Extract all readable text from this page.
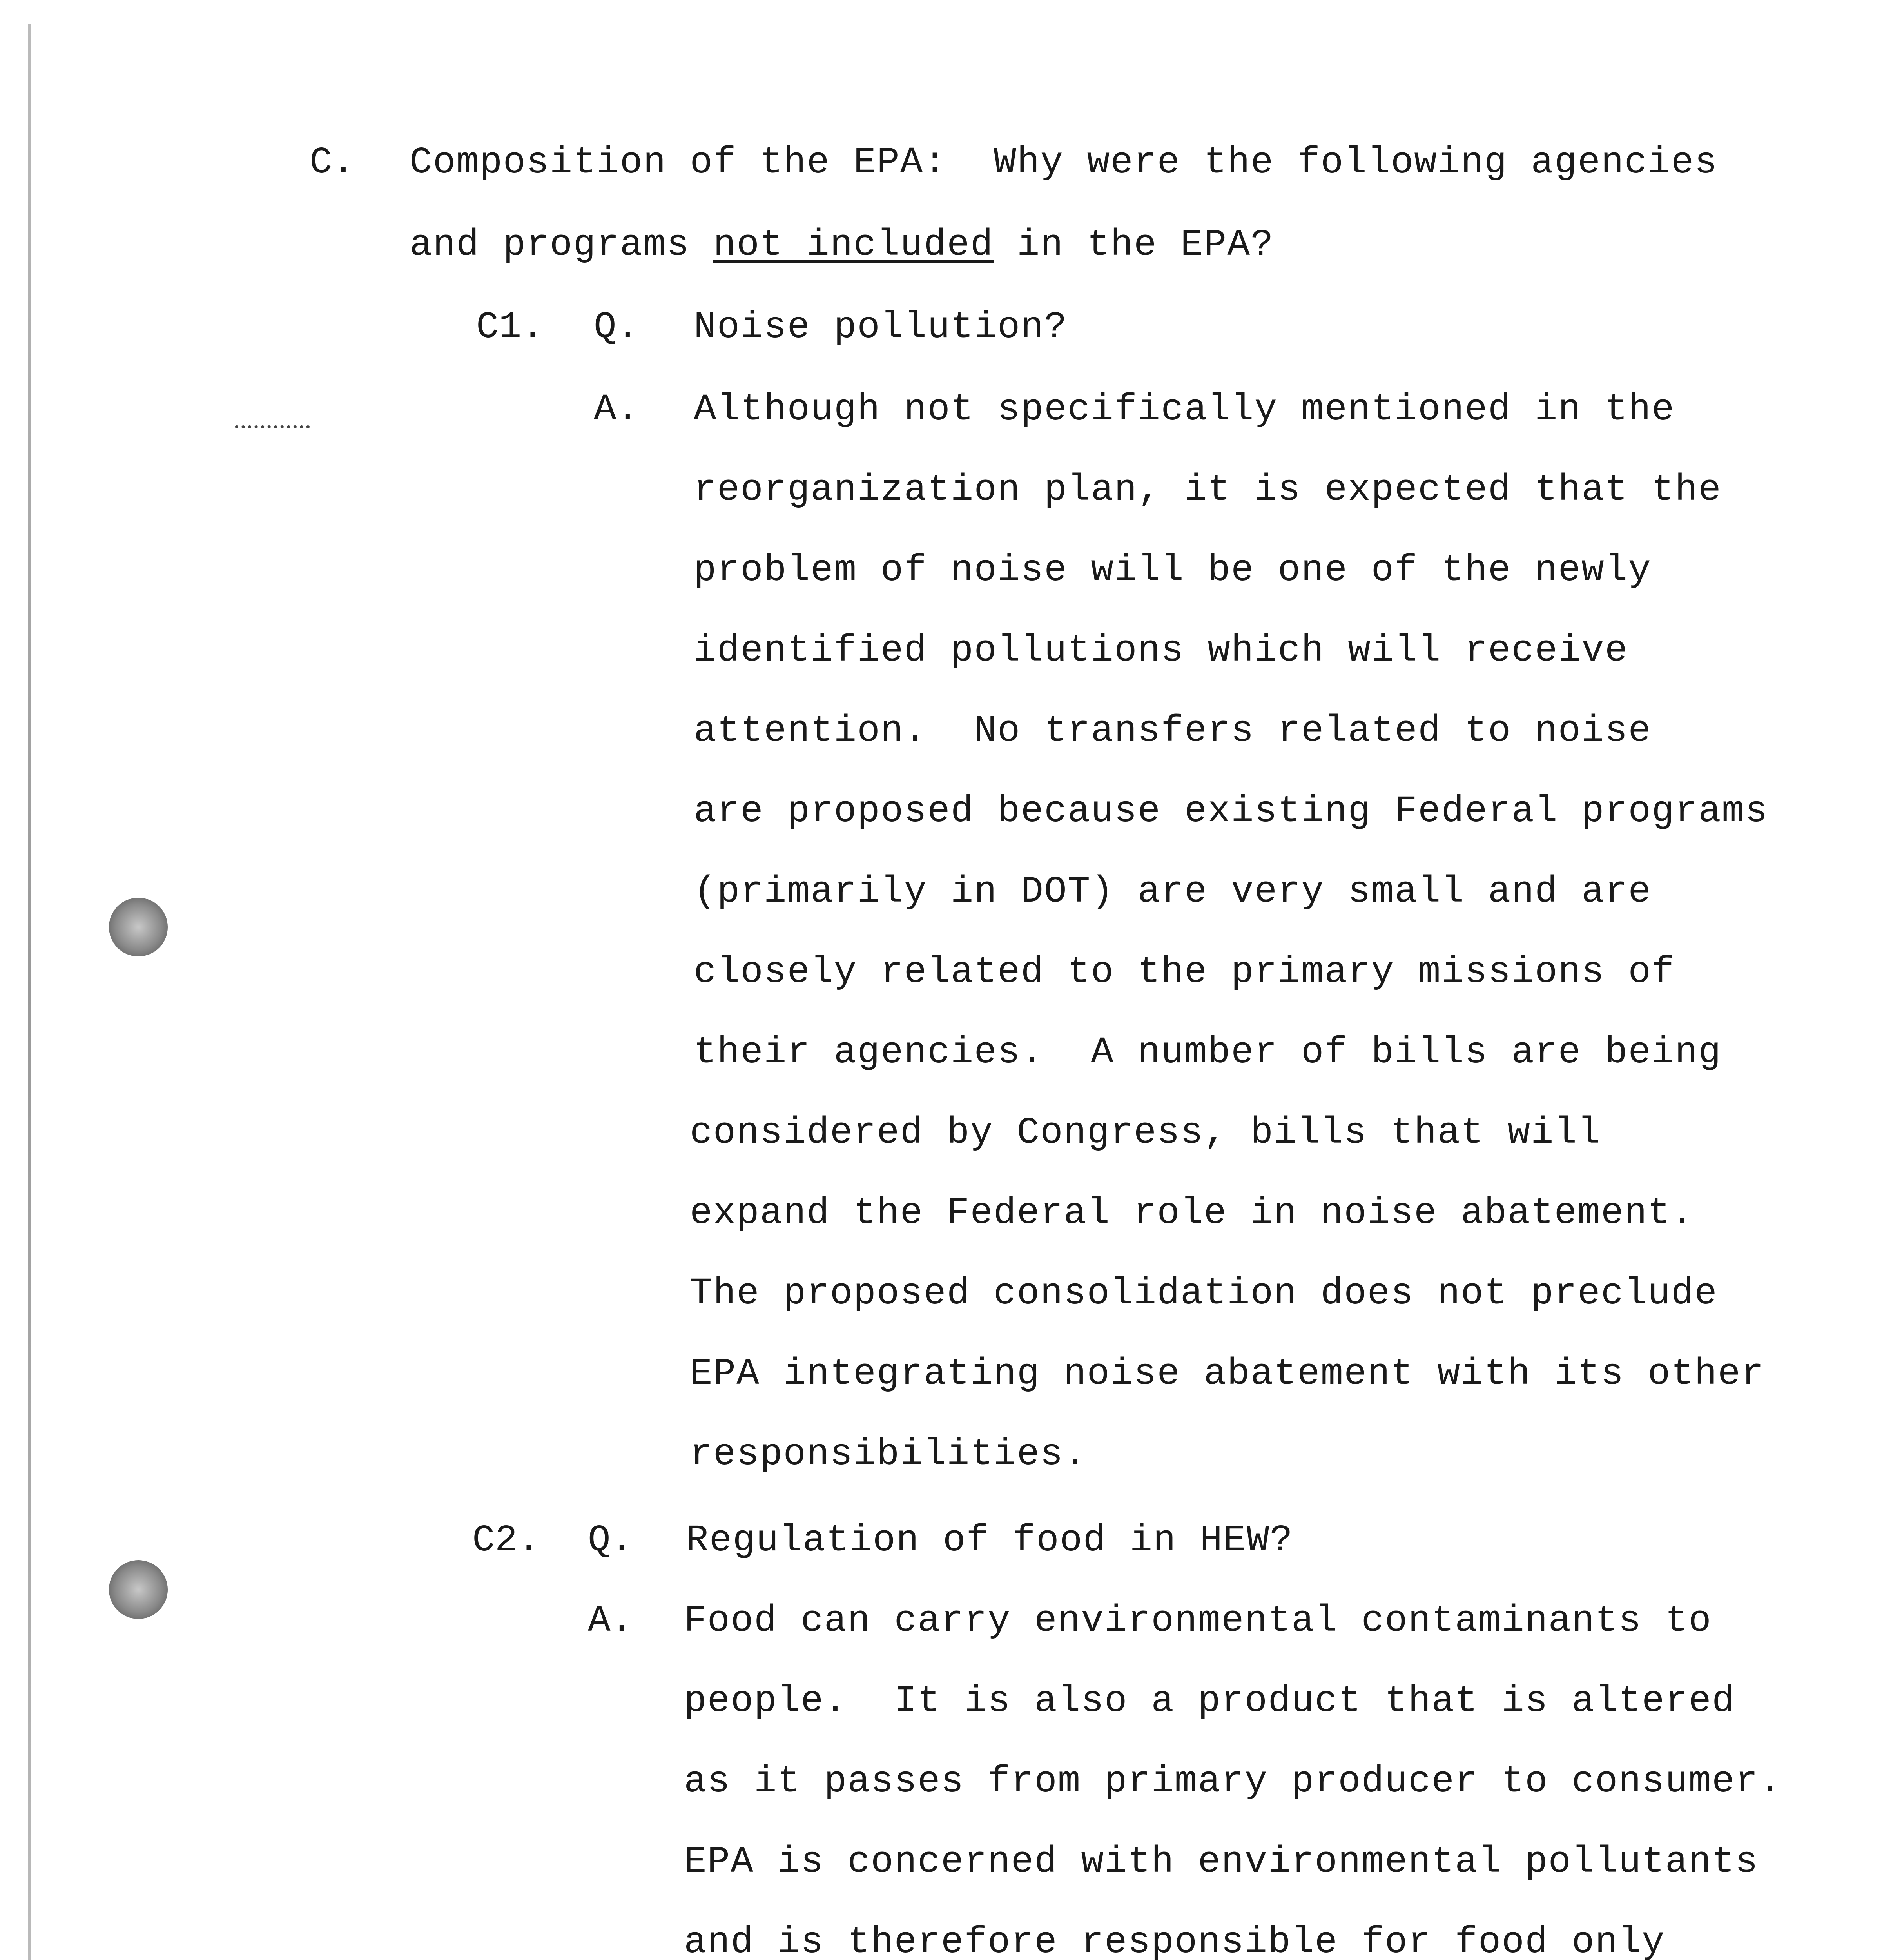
C. Composition of the EPA:  Why were the following agencies
and programs not included in the EPA?
C1. Q. Noise pollution?
A. Although not specifically mentioned in the
reorganization plan, it is expected that the
problem of noise will be one of the newly
identified pollutions which will receive
attention.  No transfers related to noise
are proposed because existing Federal programs
(primarily in DOT) are very small and are
closely related to the primary missions of
their agencies.  A number of bills are being
considered by Congress, bills that will
expand the Federal role in noise abatement.
The proposed consolidation does not preclude
EPA integrating noise abatement with its other
responsibilities.
C2. Q. Regulation of food in HEW?
A. Food can carry environmental contaminants to
people.  It is also a product that is altered
as it passes from primary producer to consumer.
EPA is concerned with environmental pollutants
and is therefore responsible for food only
